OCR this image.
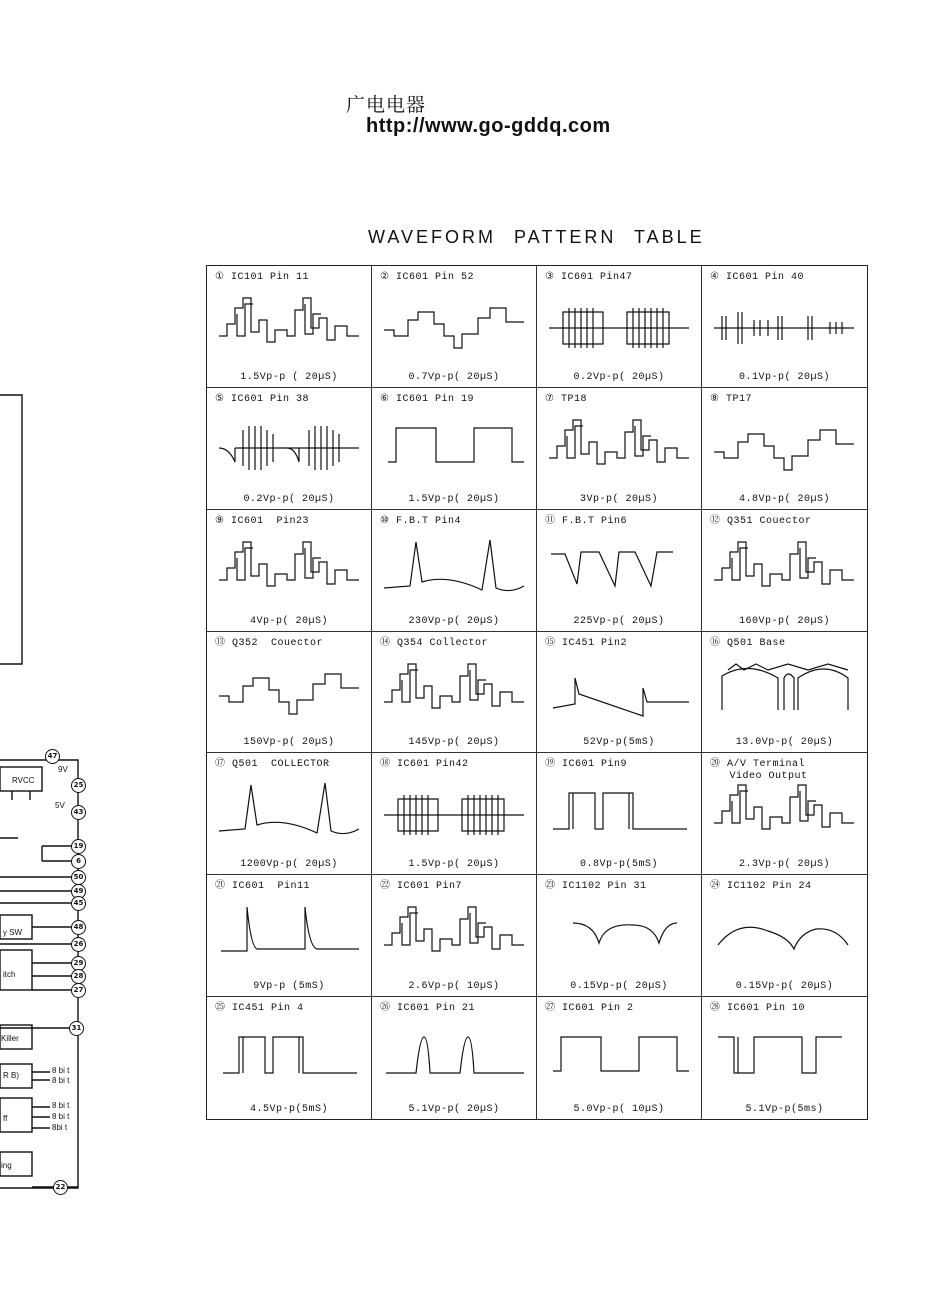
广电电器
http://www.go-gddq.com
WAVEFORM PATTERN TABLE
① IC101 Pin 11
1.5Vp-p ( 20µS)
② IC601 Pin 52
0.7Vp-p( 20µS)
③ IC601 Pin47
0.2Vp-p( 20µS)
④ IC601 Pin 40
0.1Vp-p( 20µS)
⑤ IC601 Pin 38
0.2Vp-p( 20µS)
⑥ IC601 Pin 19
1.5Vp-p( 20µS)
⑦ TP18
3Vp-p( 20µS)
⑧ TP17
4.8Vp-p( 20µS)
⑨ IC601  Pin23
4Vp-p( 20µS)
⑩ F.B.T Pin4
230Vp-p( 20µS)
⑪ F.B.T Pin6
225Vp-p( 20µS)
⑫ Q351 Couector
160Vp-p( 20µS)
⑬ Q352  Couector
150Vp-p( 20µS)
⑭ Q354 Collector
145Vp-p( 20µS)
⑮ IC451 Pin2
52Vp-p(5mS)
⑯ Q501 Base
13.0Vp-p( 20µS)
⑰ Q501  COLLECTOR
1200Vp-p( 20µS)
⑱ IC601 Pin42
1.5Vp-p( 20µS)
⑲ IC601 Pin9
0.8Vp-p(5mS)
⑳ A/V Terminal
Video Output
2.3Vp-p( 20µS)
㉑ IC601  Pin11
9Vp-p (5mS)
㉒ IC601 Pin7
2.6Vp-p( 10µS)
㉓ IC1102 Pin 31
0.15Vp-p( 20µS)
㉔ IC1102 Pin 24
0.15Vp-p( 20µS)
㉕ IC451 Pin 4
4.5Vp-p(5mS)
㉖ IC601 Pin 21
5.1Vp-p( 20µS)
㉗ IC601 Pin 2
5.0Vp-p( 10µS)
㉘ IC601 Pin 10
5.1Vp-p(5ms)
47
25
43
19
6
50
49
45
48
26
29
28
27
31
22
RVCC
9V
5V
y SW
itch
Killer
R B)
ff
ing
8 bi t
8 bi t
8 bi t
8 bi t
8bi t
